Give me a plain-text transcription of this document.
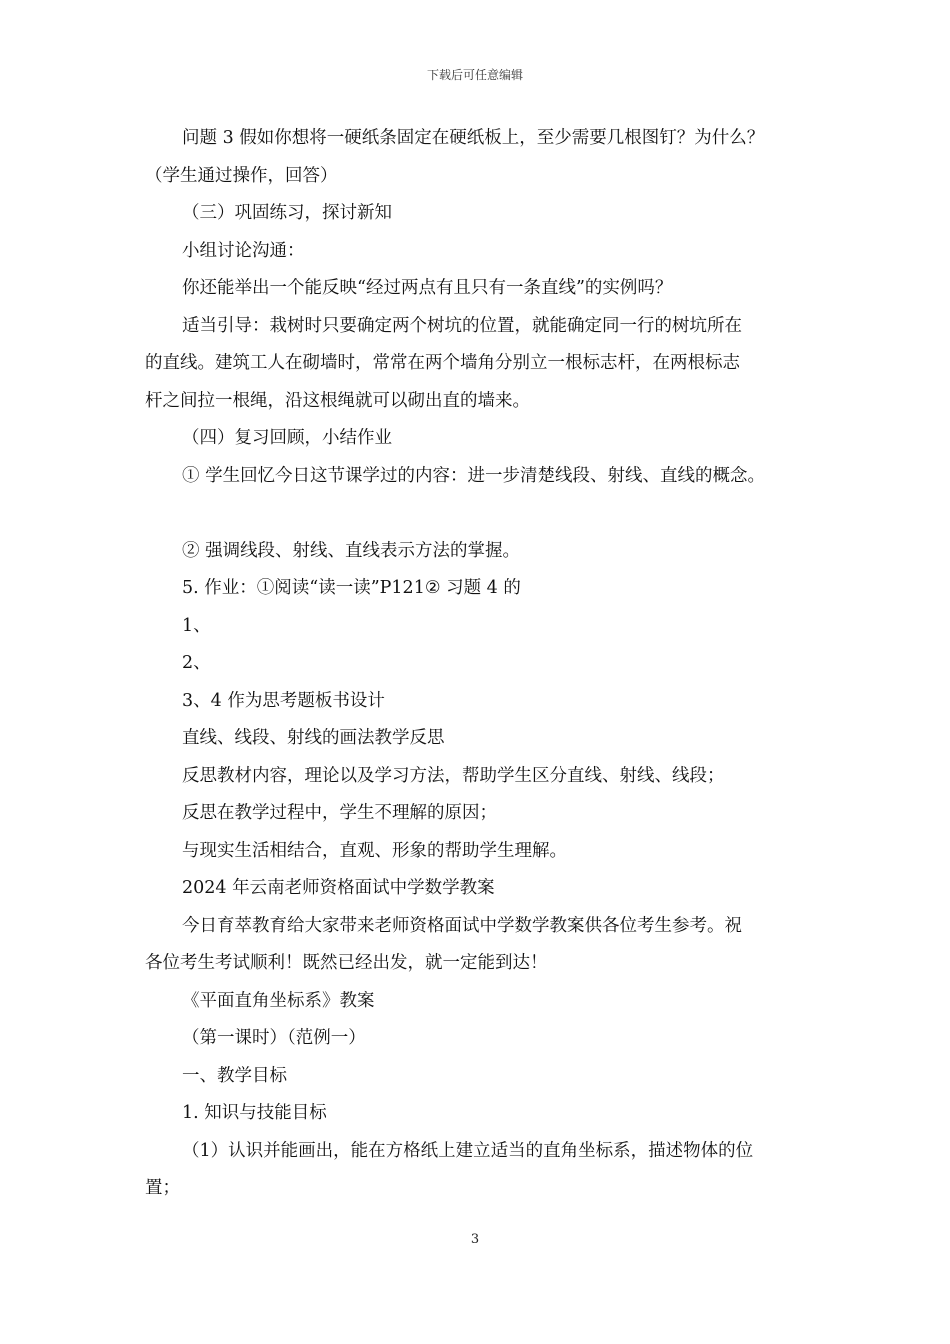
下载后可任意编辑

问题 3 假如你想将一硬纸条固定在硬纸板上，至少需要几根图钉？为什么？

（学生通过操作，回答）

（三）巩固练习，探讨新知

小组讨论沟通：

你还能举出一个能反映“经过两点有且只有一条直线”的实例吗？

适当引导：栽树时只要确定两个树坑的位置，就能确定同一行的树坑所在

的直线。建筑工人在砌墙时，常常在两个墙角分别立一根标志杆，在两根标志

杆之间拉一根绳，沿这根绳就可以砌出直的墙来。

（四）复习回顾，小结作业

① 学生回忆今日这节课学过的内容：进一步清楚线段、射线、直线的概念。

② 强调线段、射线、直线表示方法的掌握。

5. 作业：①阅读“读一读”P121② 习题 4 的

1、

2、

3、4 作为思考题板书设计

直线、线段、射线的画法教学反思

反思教材内容，理论以及学习方法，帮助学生区分直线、射线、线段；

反思在教学过程中，学生不理解的原因；

与现实生活相结合，直观、形象的帮助学生理解。

2024 年云南老师资格面试中学数学教案

今日育萃教育给大家带来老师资格面试中学数学教案供各位考生参考。祝

各位考生考试顺利！既然已经出发，就一定能到达！

《平面直角坐标系》教案

（第一课时）（范例一）

一、教学目标

1. 知识与技能目标

（1）认识并能画出，能在方格纸上建立适当的直角坐标系，描述物体的位

置；

3
